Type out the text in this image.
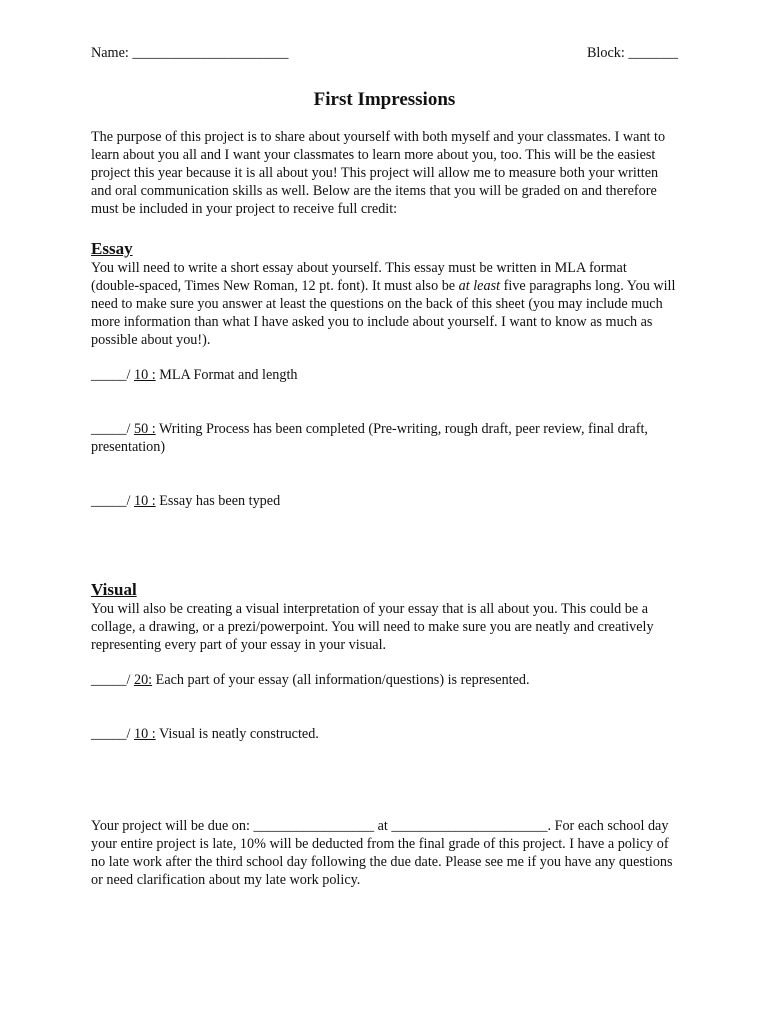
Name: ______________________	Block: _______
First Impressions

The purpose of this project is to share about yourself with both myself and your classmates. I want to learn about you all and I want your classmates to learn more about you, too. This will be the easiest project this year because it is all about you! This project will allow me to measure both your written and oral communication skills as well. Below are the items that you will be graded on and therefore must be included in your project to receive full credit:

Essay

You will need to write a short essay about yourself. This essay must be written in MLA format (double-spaced, Times New Roman, 12 pt. font). It must also be at least five paragraphs long. You will need to make sure you answer at least the questions on the back of this sheet (you may include much more information than what I have asked you to include about yourself. I want to know as much as possible about you!).

_____/ 10 : MLA Format and length

_____/ 50 : Writing Process has been completed (Pre-writing, rough draft, peer review, final draft, presentation)

_____/ 10 : Essay has been typed

Visual

You will also be creating a visual interpretation of your essay that is all about you. This could be a collage, a drawing, or a prezi/powerpoint. You will need to make sure you are neatly and creatively representing every part of your essay in your visual.

_____/ 20: Each part of your essay (all information/questions) is represented.

_____/ 10 : Visual is neatly constructed.

Your project will be due on: _________________ at ______________________. For each school day your entire project is late, 10% will be deducted from the final grade of this project. I have a policy of no late work after the third school day following the due date. Please see me if you have any questions or need clarification about my late work policy.
